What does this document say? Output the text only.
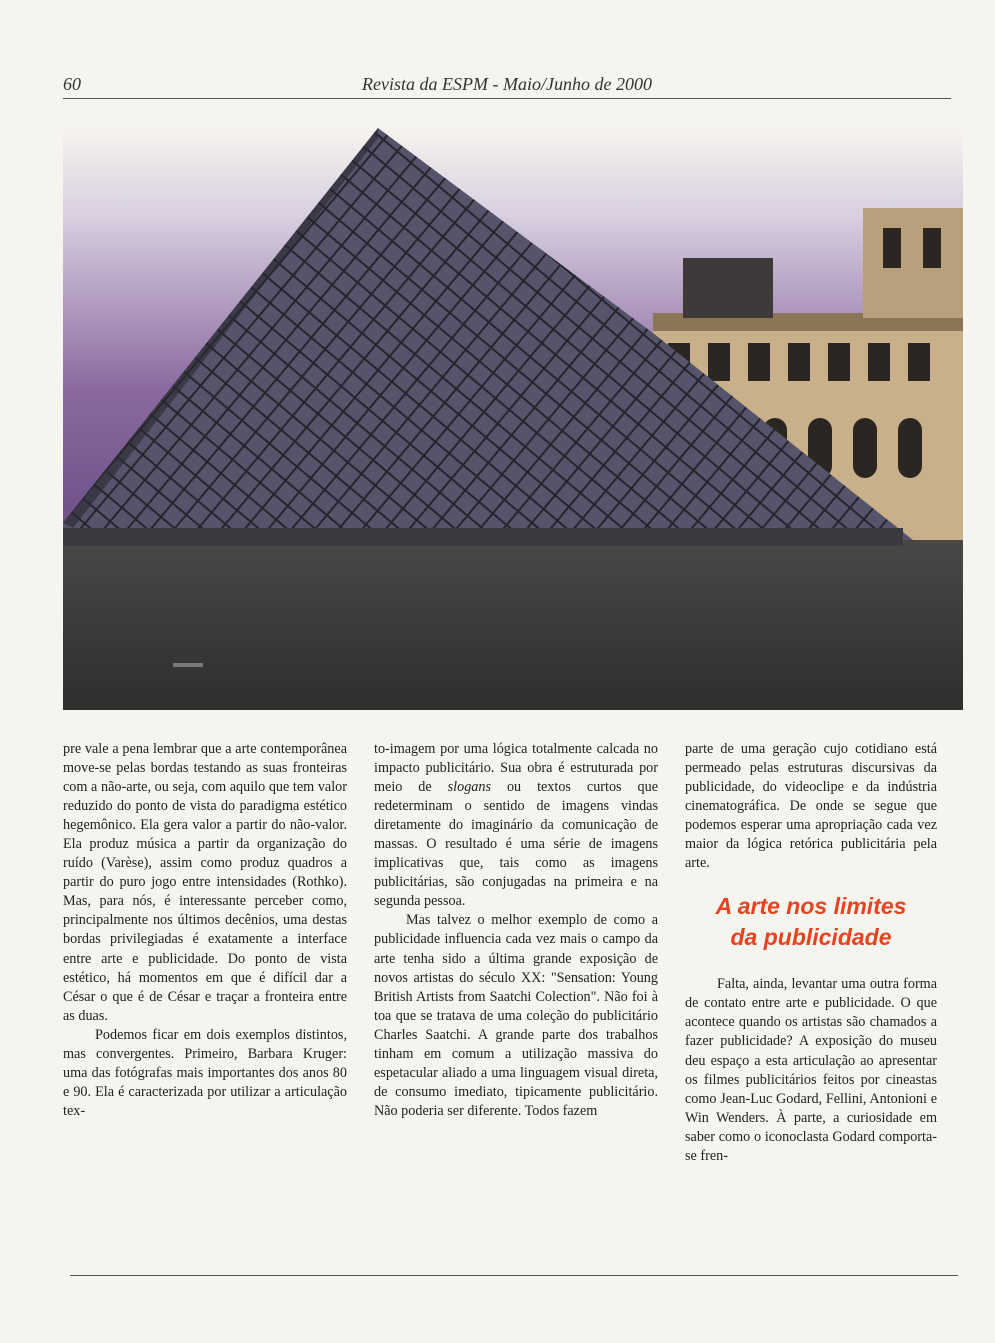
60	Revista da ESPM - Maio/Junho de 2000

pre vale a pena lembrar que a arte contemporânea move-se pelas bordas testando as suas fronteiras com a não-arte, ou seja, com aquilo que tem valor reduzido do ponto de vista do paradigma estético hegemônico. Ela gera valor a partir do não-valor. Ela produz música a partir da organização do ruído (Varèse), assim como produz quadros a partir do puro jogo entre intensidades (Rothko). Mas, para nós, é interessante perceber como, principalmente nos últimos decênios, uma destas bordas privilegiadas é exatamente a interface entre arte e publicidade. Do ponto de vista estético, há momentos em que é difícil dar a César o que é de César e traçar a fronteira entre as duas.

Podemos ficar em dois exemplos distintos, mas convergentes. Primeiro, Barbara Kruger: uma das fotógrafas mais importantes dos anos 80 e 90. Ela é caracterizada por utilizar a articulação tex-

to-imagem por uma lógica totalmente calcada no impacto publicitário. Sua obra é estruturada por meio de slogans ou textos curtos que redeterminam o sentido de imagens vindas diretamente do imaginário da comunicação de massas. O resultado é uma série de imagens implicativas que, tais como as imagens publicitárias, são conjugadas na primeira e na segunda pessoa.

Mas talvez o melhor exemplo de como a publicidade influencia cada vez mais o campo da arte tenha sido a última grande exposição de novos artistas do século XX: "Sensation: Young British Artists from Saatchi Colection". Não foi à toa que se tratava de uma coleção do publicitário Charles Saatchi. A grande parte dos trabalhos tinham em comum a utilização massiva do espetacular aliado a uma linguagem visual direta, de consumo imediato, tipicamente publicitário. Não poderia ser diferente. Todos fazem

parte de uma geração cujo cotidiano está permeado pelas estruturas discursivas da publicidade, do videoclipe e da indústria cinematográfica. De onde se segue que podemos esperar uma apropriação cada vez maior da lógica retórica publicitária pela arte.

A arte nos limites
da publicidade

Falta, ainda, levantar uma outra forma de contato entre arte e publicidade. O que acontece quando os artistas são chamados a fazer publicidade? A exposição do museu deu espaço a esta articulação ao apresentar os filmes publicitários feitos por cineastas como Jean-Luc Godard, Fellini, Antonioni e Win Wenders. À parte, a curiosidade em saber como o iconoclasta Godard comporta-se fren-
